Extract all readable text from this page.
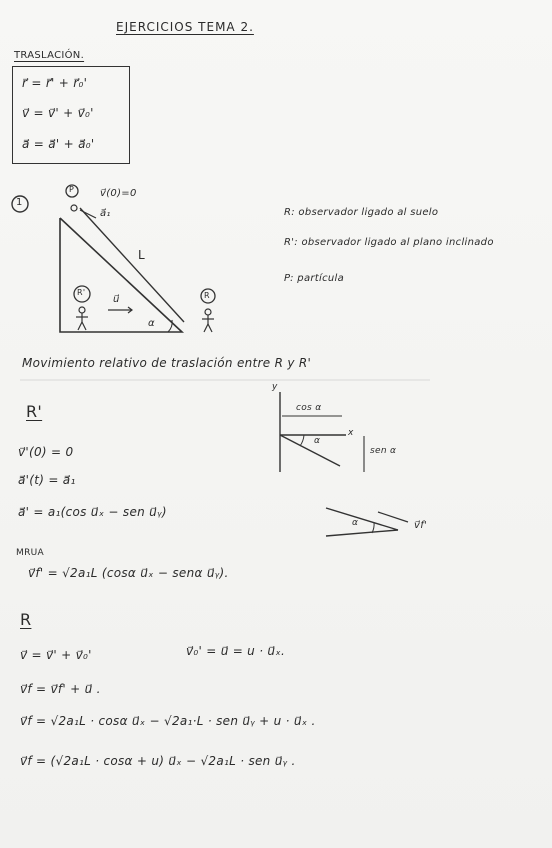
EJERCICIOS TEMA 2.
TRASLACIÓN.
r⃗ = r⃗' + r⃗₀'
v⃗ = v⃗' + v⃗₀'
a⃗ = a⃗' + a⃗₀'
1
P	v⃗(0)=0
a⃗₁
L
R'
u⃗
α
R
R: observador ligado al suelo
R': observador ligado al plano inclinado
P: partícula
Movimiento relativo de traslación entre R y R'
y
x
cos α
sen α
α
R'
v⃗'(0) = 0
a⃗'(t) = a⃗₁
a⃗' = a₁(cos u⃗ₓ − sen u⃗ᵧ)
MRUA
v⃗f' = √2a₁L (cosα u⃗ₓ − senα u⃗ᵧ).
v⃗f'
α
R
v⃗ = v⃗' + v⃗₀'	v⃗₀' = u⃗ = u · u⃗ₓ.
v⃗f = v⃗f' + u⃗ .
v⃗f = √2a₁L · cosα u⃗ₓ − √2a₁·L · sen u⃗ᵧ + u · u⃗ₓ .
v⃗f = (√2a₁L · cosα + u) u⃗ₓ − √2a₁L · sen u⃗ᵧ .
